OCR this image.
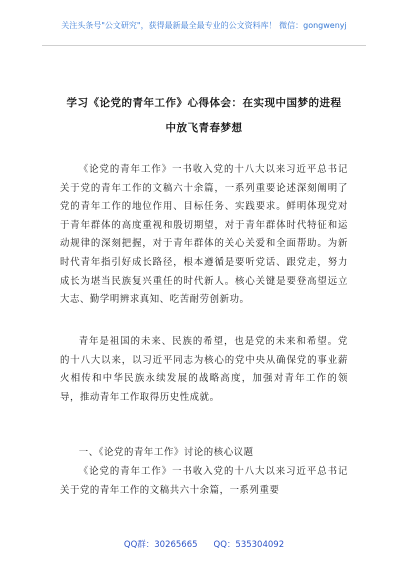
关注头条号"公文研究"，获得最新最全最专业的公文资料库！ 微信：gongwenyj
学习《论党的青年工作》心得体会：在实现中国梦的进程
中放飞青春梦想

《论党的青年工作》一书收入党的十八大以来习近平总书记关于党的青年工作的文稿六十余篇，一系列重要论述深刻阐明了党的青年工作的地位作用、目标任务、实践要求。鲜明体现党对于青年群体的高度重视和殷切期望，对于青年群体时代特征和运动规律的深刻把握，对于青年群体的关心关爱和全面帮助。为新时代青年指引好成长路径，根本遵循是要听党话、跟党走，努力成长为堪当民族复兴重任的时代新人。核心关键是要登高望远立大志、勤学明辨求真知、吃苦耐劳创新功。

青年是祖国的未来、民族的希望，也是党的未来和希望。党的十八大以来，以习近平同志为核心的党中央从确保党的事业薪火相传和中华民族永续发展的战略高度，加强对青年工作的领导，推动青年工作取得历史性成就。

一、《论党的青年工作》讨论的核心议题

《论党的青年工作》一书收入党的十八大以来习近平总书记关于党的青年工作的文稿共六十余篇，一系列重要

QQ群：30265665 QQ：535304092
